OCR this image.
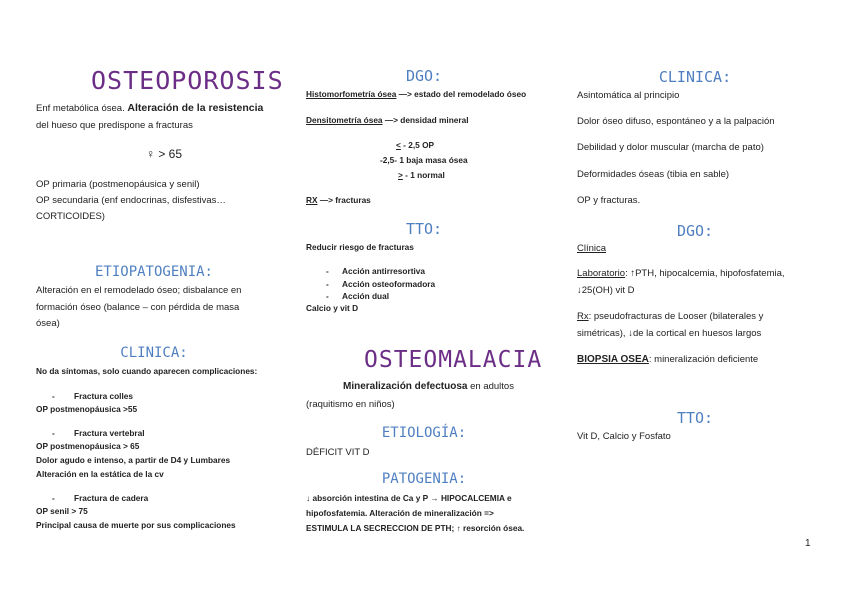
OSTEOPOROSIS
Enf metabólica ósea. Alteración de la resistencia
del hueso que predispone a fracturas
♀ > 65
OP primaria (postmenopáusica y senil)
OP secundaria (enf endocrinas, disfestivas…
CORTICOIDES)
ETIOPATOGENIA:
Alteración en el remodelado óseo; disbalance en
formación óseo (balance – con pérdida de masa
ósea)
CLINICA:
No da síntomas, solo cuando aparecen complicaciones:
- Fractura colles
OP postmenopáusica >55
- Fractura vertebral
OP postmenopáusica > 65
Dolor agudo e intenso, a partir de D4 y Lumbares
Alteración en la estática de la cv
- Fractura de cadera
OP senil > 75
Principal causa de muerte por sus complicaciones
DGO:
Histomorfometría ósea —> estado del remodelado óseo
Densitometría ósea —> densidad mineral
< - 2,5 OP
-2,5- 1 baja masa ósea
> - 1 normal
RX —> fracturas
TTO:
Reducir riesgo de fracturas
- Acción antirresortiva
- Acción osteoformadora
- Acción dual
Calcio y vit D
OSTEOMALACIA
Mineralización defectuosa en adultos
(raquitismo en niños)
ETIOLOGÍA:
DÉFICIT VIT D
PATOGENIA:
↓ absorción intestina de Ca y P → HIPOCALCEMIA e
hipofosfatemia. Alteración de mineralización =>
ESTIMULA LA SECRECCION DE PTH; ↑ resorción ósea.
CLINICA:
Asintomática al principio
Dolor óseo difuso, espontáneo y a la palpación
Debilidad y dolor muscular (marcha de pato)
Deformidades óseas (tibia en sable)
OP y fracturas.
DGO:
Clínica
Laboratorio: ↑PTH, hipocalcemia, hipofosfatemia,
↓25(OH) vit D
Rx: pseudofracturas de Looser (bilaterales y
simétricas), ↓de la cortical en huesos largos
BIOPSIA OSEA: mineralización deficiente
TTO:
Vit D, Calcio y Fosfato
1
